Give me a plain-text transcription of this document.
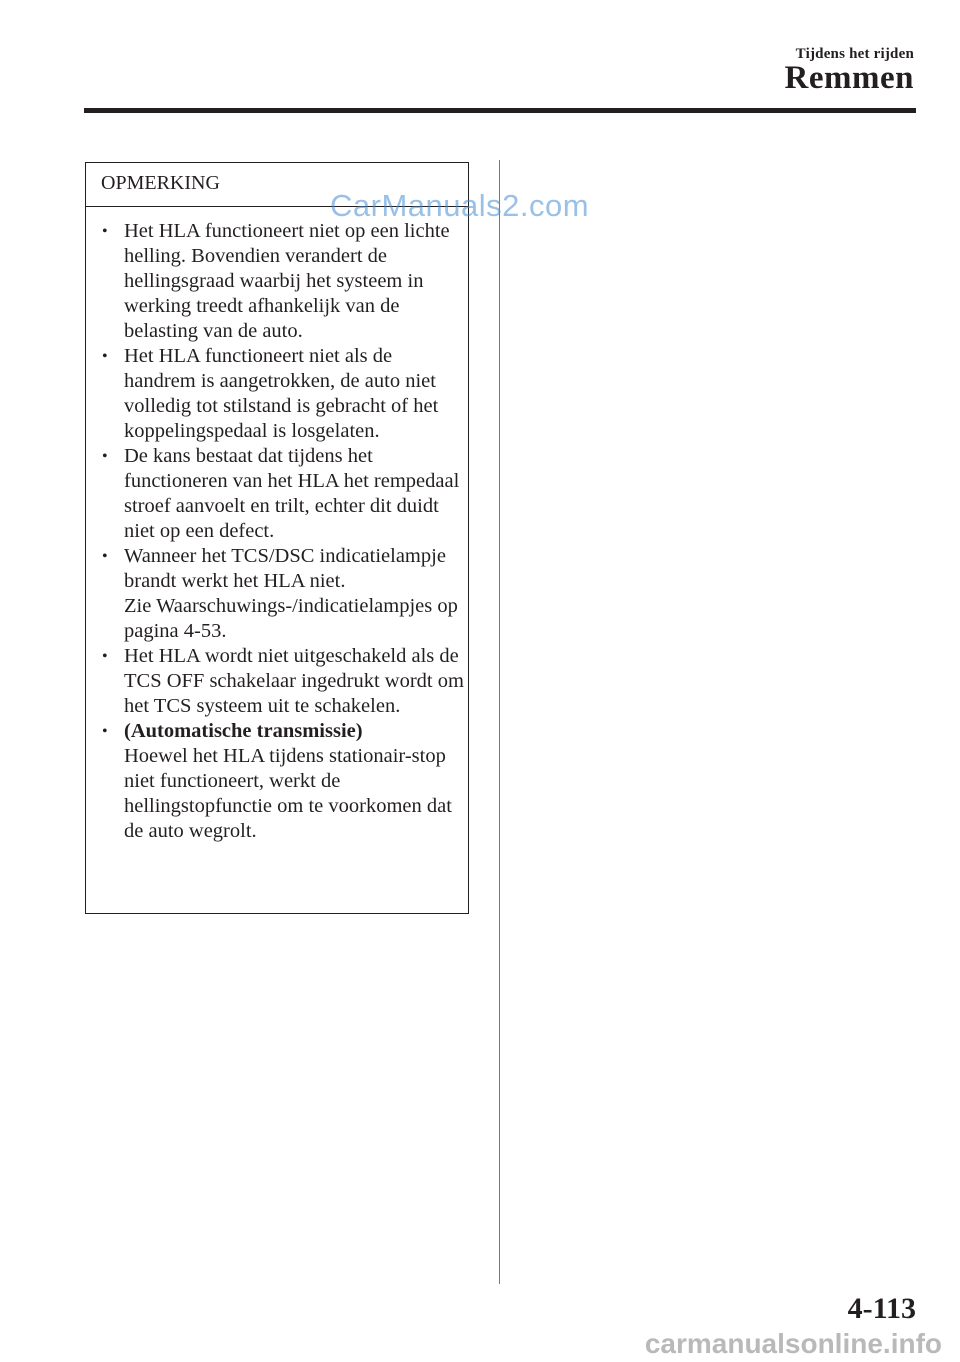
Tijdens het rijden
Remmen
OPMERKING
• Het HLA functioneert niet op een lichte helling. Bovendien verandert de hellingsgraad waarbij het systeem in werking treedt afhankelijk van de belasting van de auto.
• Het HLA functioneert niet als de handrem is aangetrokken, de auto niet volledig tot stilstand is gebracht of het koppelingspedaal is losgelaten.
• De kans bestaat dat tijdens het functioneren van het HLA het rempedaal stroef aanvoelt en trilt, echter dit duidt niet op een defect.
• Wanneer het TCS/DSC indicatielampje brandt werkt het HLA niet.
Zie Waarschuwings-/indicatielampjes op pagina 4-53.
• Het HLA wordt niet uitgeschakeld als de TCS OFF schakelaar ingedrukt wordt om het TCS systeem uit te schakelen.
• (Automatische transmissie)
Hoewel het HLA tijdens stationair-stop niet functioneert, werkt de hellingstopfunctie om te voorkomen dat de auto wegrolt.
CarManuals2.com
4-113
carmanualsonline.info
